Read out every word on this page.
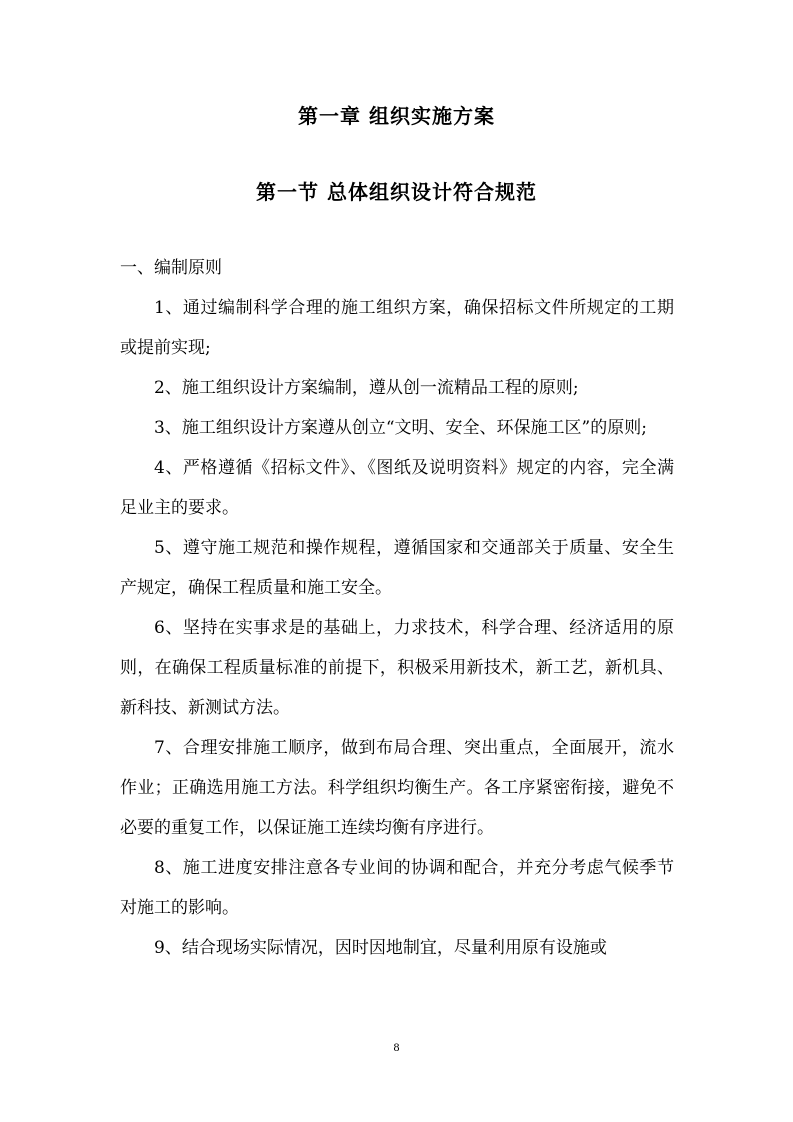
第一章 组织实施方案
第一节 总体组织设计符合规范

一、编制原则

1、通过编制科学合理的施工组织方案，确保招标文件所规定的工期或提前实现;

2、施工组织设计方案编制，遵从创一流精品工程的原则;

3、施工组织设计方案遵从创立“文明、安全、环保施工区”的原则;

4、严格遵循《招标文件》、《图纸及说明资料》规定的内容，完全满足业主的要求。

5、遵守施工规范和操作规程，遵循国家和交通部关于质量、安全生产规定，确保工程质量和施工安全。

6、坚持在实事求是的基础上，力求技术，科学合理、经济适用的原则，在确保工程质量标准的前提下，积极采用新技术，新工艺，新机具、新科技、新测试方法。

7、合理安排施工顺序，做到布局合理、突出重点，全面展开，流水作业；正确选用施工方法。科学组织均衡生产。各工序紧密衔接，避免不必要的重复工作，以保证施工连续均衡有序进行。

8、施工进度安排注意各专业间的协调和配合，并充分考虑气候季节对施工的影响。

9、结合现场实际情况，因时因地制宜，尽量利用原有设施或

8
